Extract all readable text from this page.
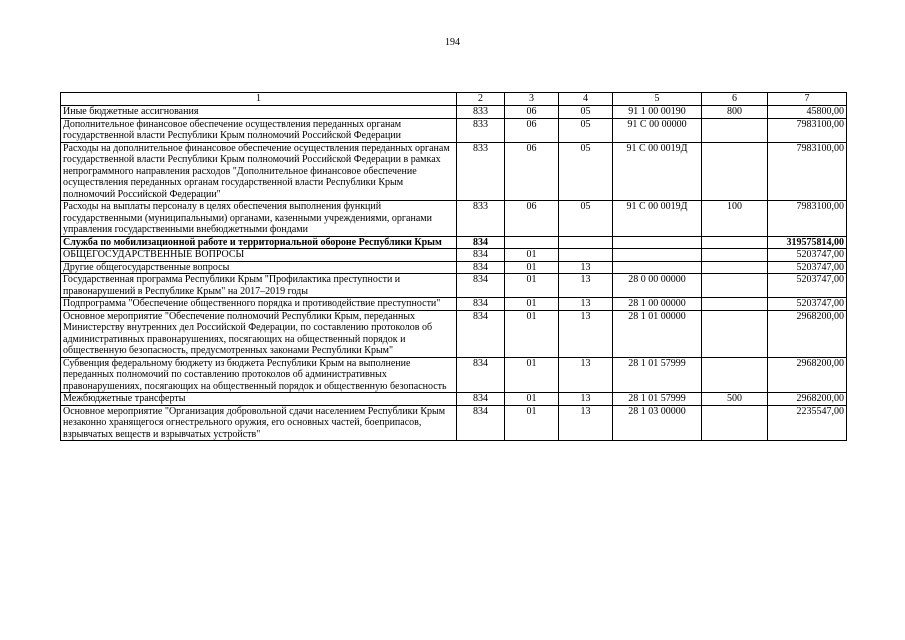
194
1	2	3	4	5	6	7
Иные бюджетные ассигнования	833	06	05	91 1 00 00190	800	45800,00
Дополнительное финансовое обеспечение осуществления переданных органам государственной власти Республики Крым полномочий Российской Федерации	833	06	05	91 С 00 00000		7983100,00
Расходы на дополнительное финансовое обеспечение осуществления переданных органам государственной власти Республики Крым полномочий Российской Федерации в рамках непрограммного направления расходов "Дополнительное финансовое обеспечение осуществления переданных органам государственной власти Республики Крым полномочий Российской Федерации"	833	06	05	91 С 00 0019Д		7983100,00
Расходы на выплаты персоналу в целях обеспечения выполнения функций государственными (муниципальными) органами, казенными учреждениями, органами управления государственными внебюджетными фондами	833	06	05	91 С 00 0019Д	100	7983100,00
Служба по мобилизационной работе и территориальной обороне Республики Крым	834					319575814,00
ОБЩЕГОСУДАРСТВЕННЫЕ ВОПРОСЫ	834	01				5203747,00
Другие общегосударственные вопросы	834	01	13			5203747,00
Государственная программа Республики Крым "Профилактика преступности и правонарушений в Республике Крым" на 2017–2019 годы	834	01	13	28 0 00 00000		5203747,00
Подпрограмма "Обеспечение общественного порядка и противодействие преступности"	834	01	13	28 1 00 00000		5203747,00
Основное мероприятие "Обеспечение полномочий Республики Крым, переданных Министерству внутренних дел Российской Федерации, по составлению протоколов об административных правонарушениях, посягающих на общественный порядок и общественную безопасность, предусмотренных законами Республики Крым"	834	01	13	28 1 01 00000		2968200,00
Субвенция федеральному бюджету из бюджета Республики Крым на выполнение переданных полномочий по составлению протоколов об административных правонарушениях, посягающих на общественный порядок и общественную безопасность	834	01	13	28 1 01 57999		2968200,00
Межбюджетные трансферты	834	01	13	28 1 01 57999	500	2968200,00
Основное мероприятие "Организация добровольной сдачи населением Республики Крым незаконно хранящегося огнестрельного оружия, его основных частей, боеприпасов, взрывчатых веществ и взрывчатых устройств"	834	01	13	28 1 03 00000		2235547,00
